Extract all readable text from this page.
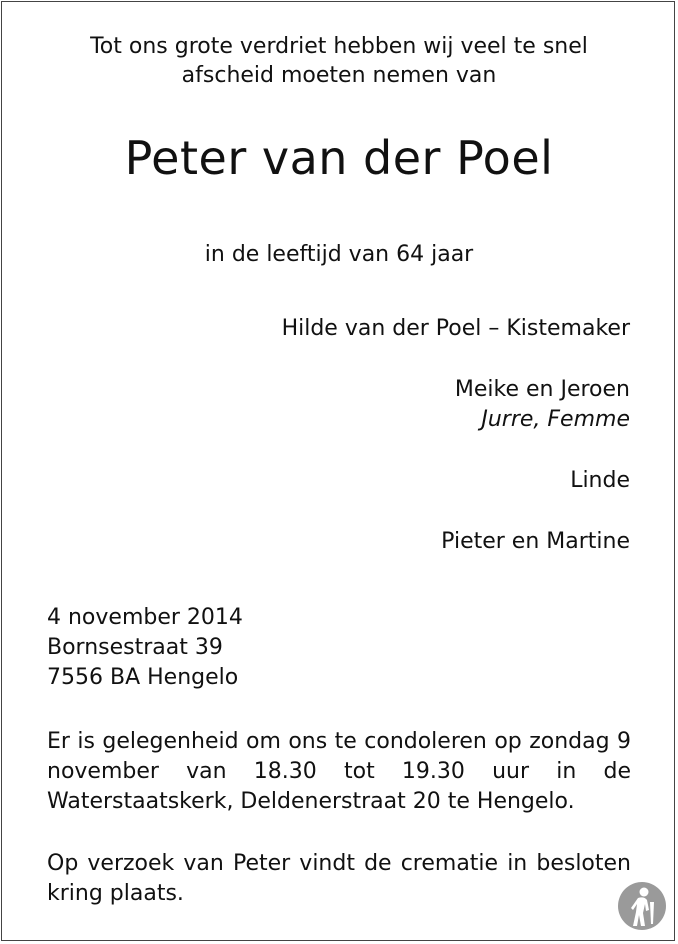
Tot ons grote verdriet hebben wij veel te snel
afscheid moeten nemen van
Peter van der Poel
in de leeftijd van 64 jaar
Hilde van der Poel – Kistemaker
Meike en Jeroen
Jurre, Femme
Linde
Pieter en Martine
4 november 2014
Bornsestraat 39
7556 BA Hengelo
Er is gelegenheid om ons te condoleren op zondag 9 november van 18.30 tot 19.30 uur in de Waterstaatskerk, Deldenerstraat 20 te Hengelo.
Op verzoek van Peter vindt de crematie in besloten kring plaats.
